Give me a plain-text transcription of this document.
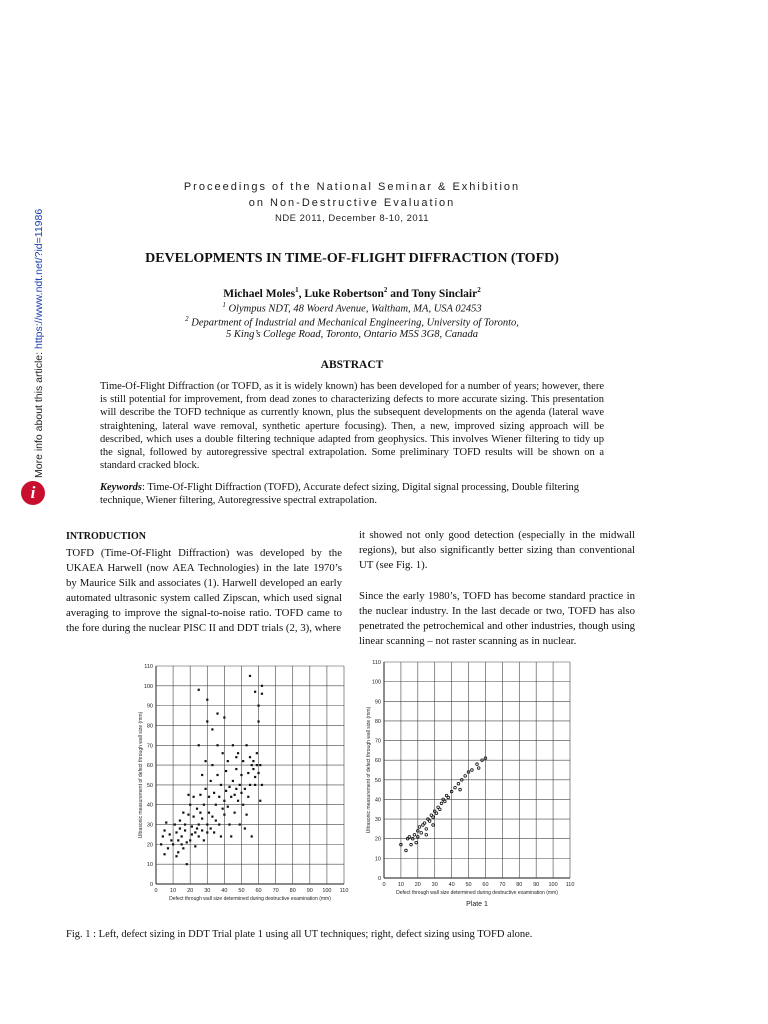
More info about this article: https://www.ndt.net/?id=11986
i
Proceedings of the National Seminar & Exhibition
on Non-Destructive Evaluation
NDE 2011, December 8-10, 2011
DEVELOPMENTS IN TIME-OF-FLIGHT DIFFRACTION (TOFD)
Michael Moles$^1$, Luke Robertson$^2$ and Tony Sinclair$^2$
$^1$ Olympus NDT, 48 Woerd Avenue, Waltham, MA, USA 02453
$^2$ Department of Industrial and Mechanical Engineering, University of Toronto,
5 King’s College Road, Toronto, Ontario M5S 3G8, Canada
ABSTRACT

Time-Of-Flight Diffraction (or TOFD, as it is widely known) has been developed for a number of years; however, there is still potential for improvement, from dead zones to characterizing defects to more accurate sizing. This presentation will describe the TOFD technique as currently known, plus the subsequent developments on the agenda (lateral wave straightening, lateral wave removal, synthetic aperture focusing). Then, a new, improved sizing approach will be described, which uses a double filtering technique adapted from geophysics. This involves Wiener filtering to tidy up the signal, followed by autoregressive spectral extrapolation. Some preliminary TOFD results will be shown on a standard cracked block.

Keywords: Time-Of-Flight Diffraction (TOFD), Accurate defect sizing, Digital signal processing, Double filtering technique, Wiener filtering, Autoregressive spectral extrapolation.

INTRODUCTION

TOFD (Time-Of-Flight Diffraction) was developed by the UKAEA Harwell (now AEA Technologies) in the late 1970’s by Maurice Silk and associates (1). Harwell developed an early automated ultrasonic system called Zipscan, which used signal averaging to improve the signal-to-noise ratio. TOFD came to the fore during the nuclear PISC II and DDT trials (2, 3), where

it showed not only good detection (especially in the midwall regions), but also significantly better sizing than conventional UT (see Fig. 1).

Since the early 1980’s, TOFD has become standard practice in the nuclear industry. In the last decade or two, TOFD has also penetrated the petrochemical and other industries, though using linear scanning – not raster scanning as in nuclear.

0 10 20 30 40 50 60 70 80 90 100 110
0
10
20
30
40
50
60
70
80
90
100
110
Defect through wall size determined during destructive examination (mm)
Ultrasonic measurement of defect through wall size (mm)
0 10 20 30 40 50 60 70 80 90 100 110
0
10
20
30
40
50
60
70
80
90
100
110
Defect through wall size determined during destructive examination (mm)
Ultrasonic measurement of defect through wall size (mm)
Plate 1
Fig. 1 : Left, defect sizing in DDT Trial plate 1 using all UT techniques; right, defect sizing using TOFD alone.
